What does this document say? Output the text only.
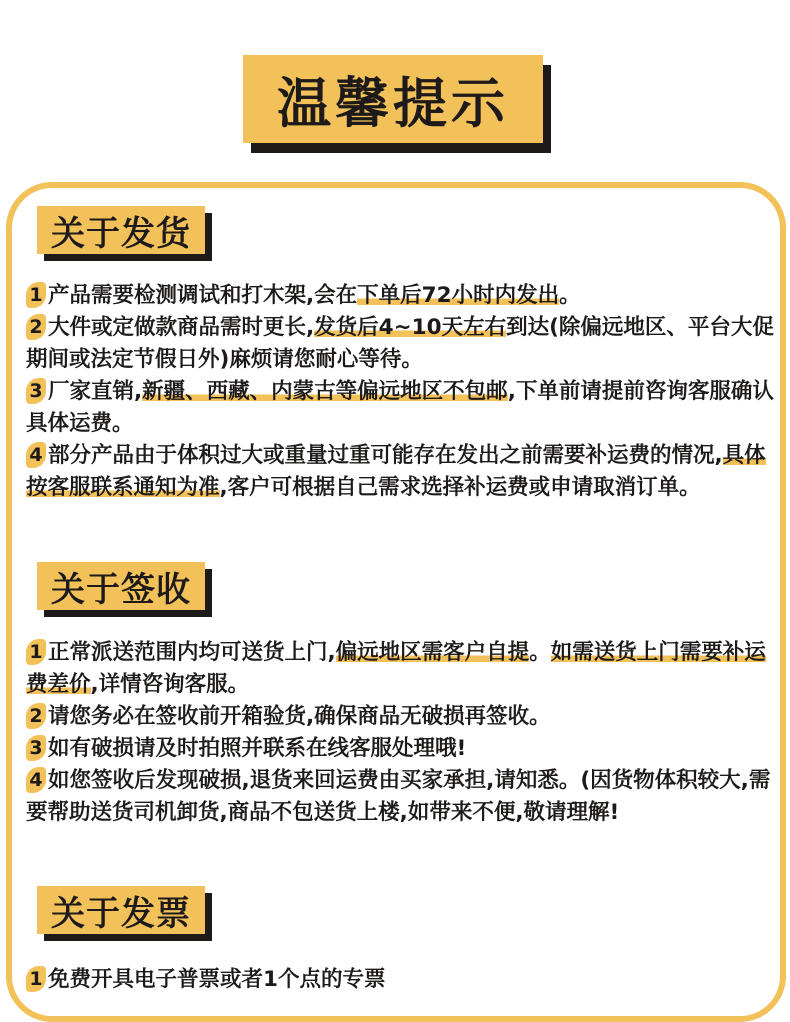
温馨提示
关于发货
1 产品需要检测调试和打木架,会在下单后72小时内发出。
2 大件或定做款商品需时更长,发货后4~10天左右到达(除偏远地区、平台大促期间或法定节假日外)麻烦请您耐心等待。
3 厂家直销,新疆、西藏、内蒙古等偏远地区不包邮,下单前请提前咨询客服确认具体运费。
4 部分产品由于体积过大或重量过重可能存在发出之前需要补运费的情况,具体按客服联系通知为准,客户可根据自己需求选择补运费或申请取消订单。
关于签收
1 正常派送范围内均可送货上门,偏远地区需客户自提。如需送货上门需要补运费差价,详情咨询客服。
2 请您务必在签收前开箱验货,确保商品无破损再签收。
3 如有破损请及时拍照并联系在线客服处理哦!
4 如您签收后发现破损,退货来回运费由买家承担,请知悉。(因货物体积较大,需要帮助送货司机卸货,商品不包送货上楼,如带来不便,敬请理解!
关于发票
1 免费开具电子普票或者1个点的专票
